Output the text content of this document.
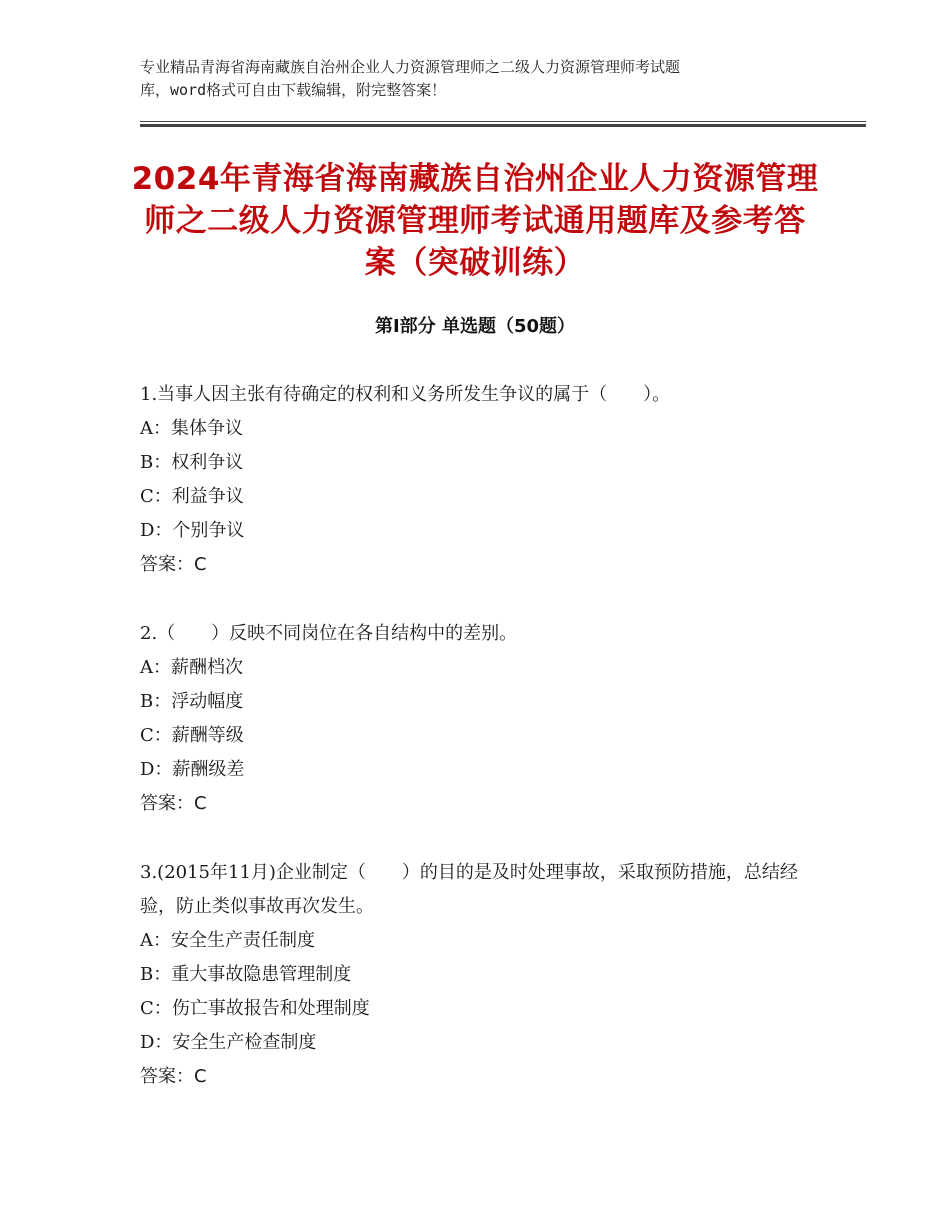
专业精品青海省海南藏族自治州企业人力资源管理师之二级人力资源管理师考试题
库，word格式可自由下载编辑，附完整答案！
2024年青海省海南藏族自治州企业人力资源管理师之二级人力资源管理师考试通用题库及参考答案（突破训练）
第Ⅰ部分 单选题（50题）

1.当事人因主张有待确定的权利和义务所发生争议的属于（　　）。

A：集体争议

B：权利争议

C：利益争议

D：个别争议

答案：C

2.（　　）反映不同岗位在各自结构中的差别。

A：薪酬档次

B：浮动幅度

C：薪酬等级

D：薪酬级差

答案：C

3.(2015年11月)企业制定（　　）的目的是及时处理事故，采取预防措施，总结经验，防止类似事故再次发生。

A：安全生产责任制度

B：重大事故隐患管理制度

C：伤亡事故报告和处理制度

D：安全生产检查制度

答案：C
